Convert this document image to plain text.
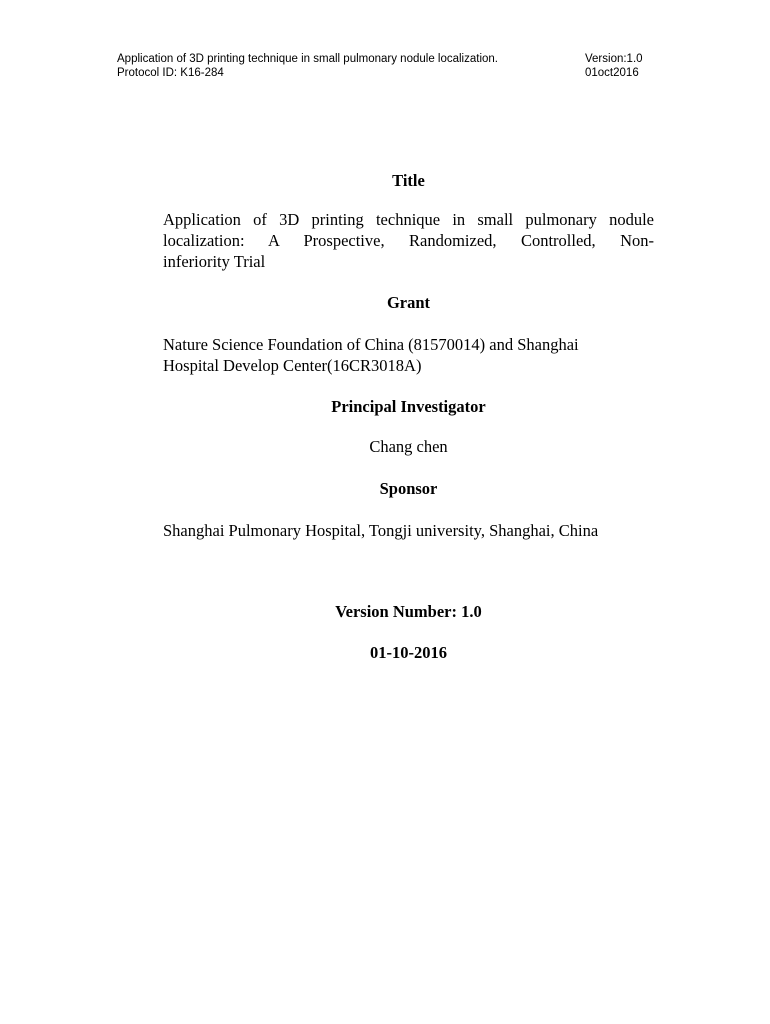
Application of 3D printing technique in small pulmonary nodule localization.	Version:1.0
Protocol ID: K16-284	01oct2016
Title
Application of 3D printing technique in small pulmonary nodule
localization: A Prospective, Randomized, Controlled, Non-
inferiority Trial
Grant
Nature Science Foundation of China (81570014) and Shanghai
Hospital Develop Center(16CR3018A)
Principal Investigator
Chang chen
Sponsor
Shanghai Pulmonary Hospital, Tongji university, Shanghai, China
Version Number: 1.0
01-10-2016
